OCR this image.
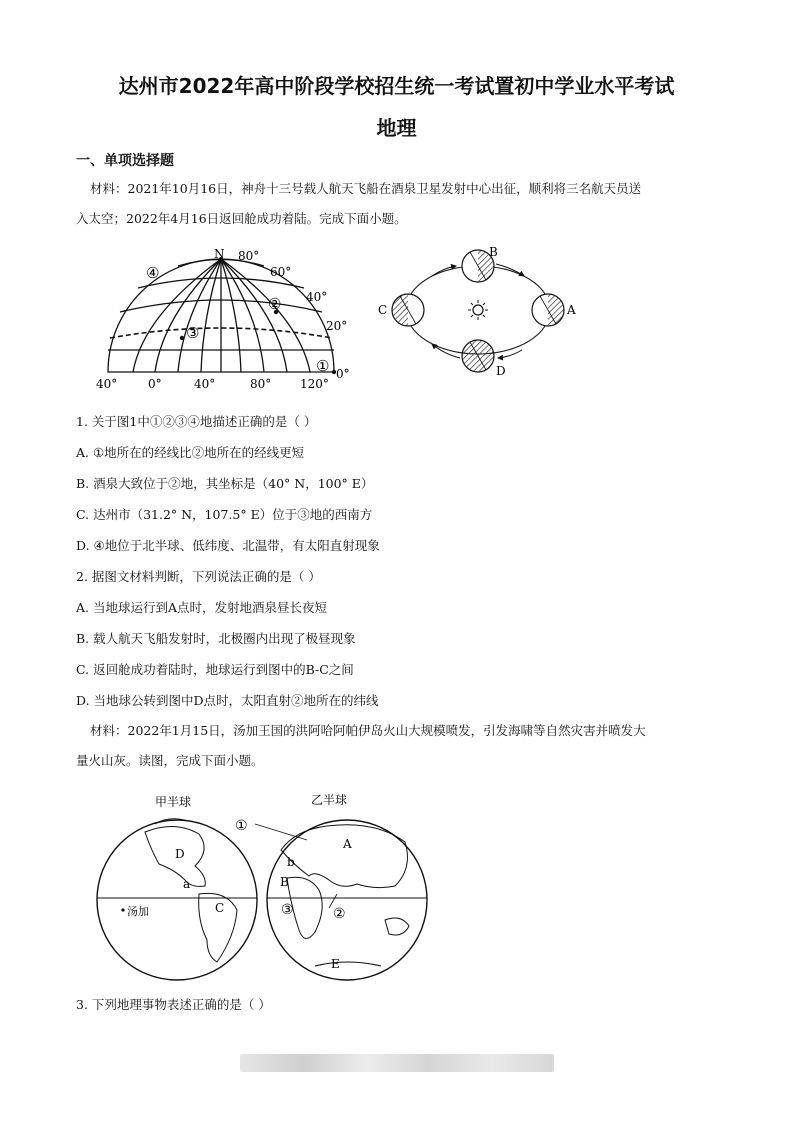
达州市2022年高中阶段学校招生统一考试置初中学业水平考试
地理
一、单项选择题
材料：2021年10月16日，神舟十三号载人航天飞船在酒泉卫星发射中心出征，顺利将三名航天员送
入太空；2022年4月16日返回舱成功着陆。完成下面小题。
N 80°
60°
40°
20°
0°
40°	0°	40°	80° 120°
④
②
③
①
B
C	A
D
1. 关于图1中①②③④地描述正确的是（ ）
A. ①地所在的经线比②地所在的经线更短
B. 酒泉大致位于②地，其坐标是（40° N，100° E）
C. 达州市（31.2° N，107.5° E）位于③地的西南方
D. ④地位于北半球、低纬度、北温带，有太阳直射现象
2. 据图文材料判断，下列说法正确的是（ ）
A. 当地球运行到A点时，发射地酒泉昼长夜短
B. 载人航天飞船发射时，北极圈内出现了极昼现象
C. 返回舱成功着陆时，地球运行到图中的B-C之间
D. 当地球公转到图中D点时，太阳直射②地所在的纬线
材料：2022年1月15日，汤加王国的洪阿哈阿帕伊岛火山大规模喷发，引发海啸等自然灾害并喷发大
量火山灰。读图，完成下面小题。
甲半球	乙半球
D
a
C
汤加
①
b
A
B
③	②
E
3. 下列地理事物表述正确的是（ ）
